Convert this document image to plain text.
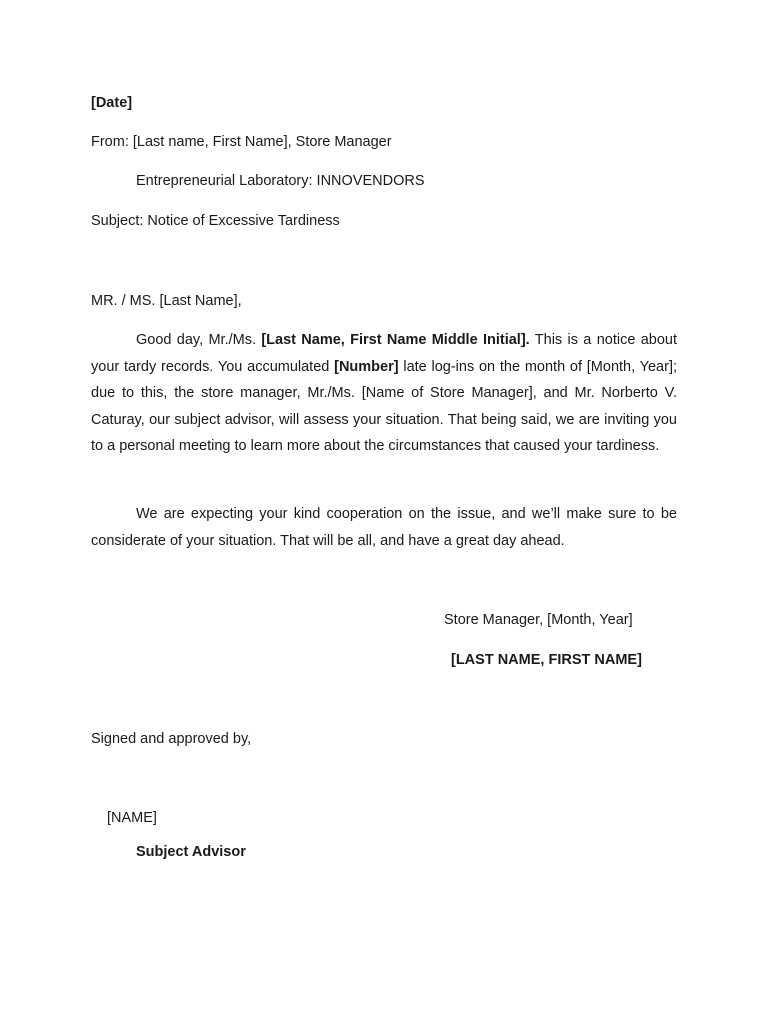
[Date]
From: [Last name, First Name], Store Manager
Entrepreneurial Laboratory: INNOVENDORS
Subject: Notice of Excessive Tardiness
MR. / MS. [Last Name],
Good day, Mr./Ms. [Last Name, First Name Middle Initial]. This is a notice about your tardy records. You accumulated [Number] late log-ins on the month of [Month, Year]; due to this, the store manager, Mr./Ms. [Name of Store Manager], and Mr. Norberto V. Caturay, our subject advisor, will assess your situation. That being said, we are inviting you to a personal meeting to learn more about the circumstances that caused your tardiness.
We are expecting your kind cooperation on the issue, and we’ll make sure to be considerate of your situation. That will be all, and have a great day ahead.
Store Manager, [Month, Year]
[LAST NAME, FIRST NAME]
Signed and approved by,
[NAME]
Subject Advisor
